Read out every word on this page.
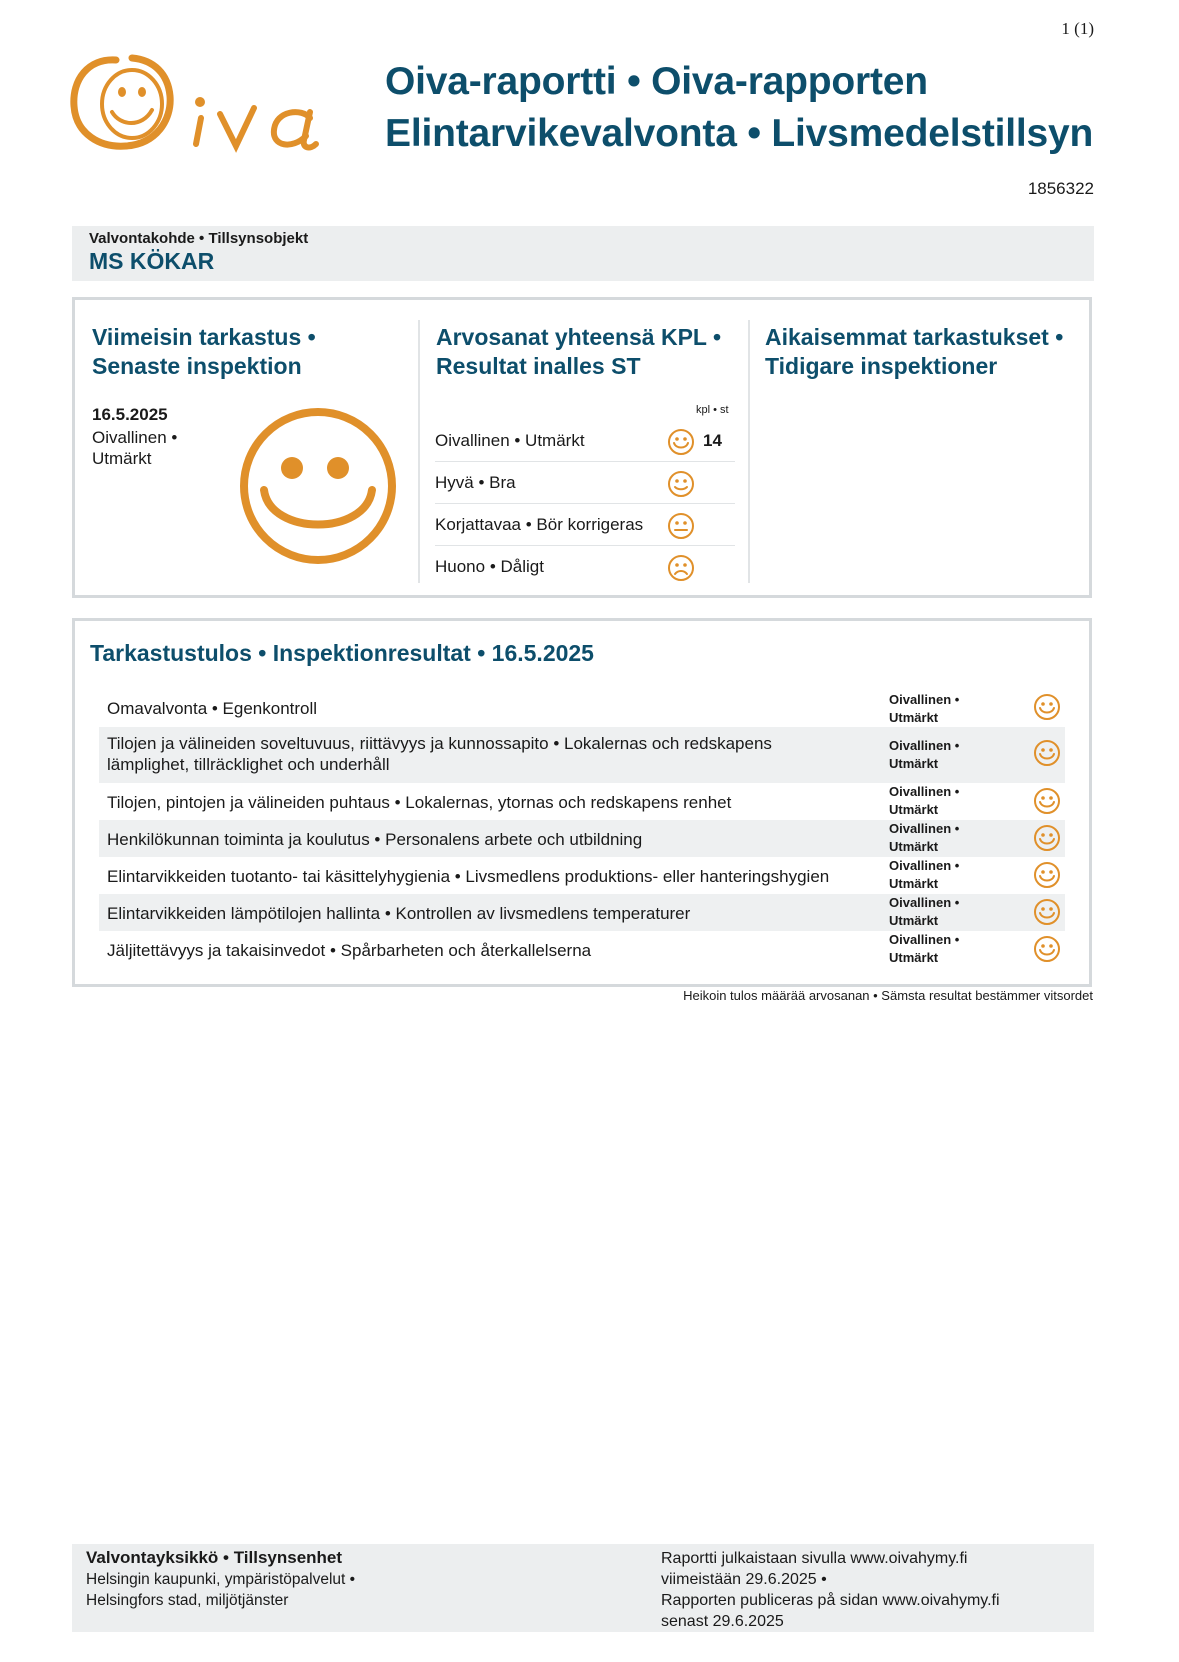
1 (1)
Oiva-raportti • Oiva-rapporten
Elintarvikevalvonta • Livsmedelstillsyn
1856322
Valvontakohde • Tillsynsobjekt
MS KÖKAR
Viimeisin tarkastus •
Senaste inspektion
16.5.2025
Oivallinen •
Utmärkt
Arvosanat yhteensä KPL •
Resultat inalles ST
kpl • st
Oivallinen • Utmärkt	14
Hyvä • Bra
Korjattavaa • Bör korrigeras
Huono • Dåligt
Aikaisemmat tarkastukset •
Tidigare inspektioner
Tarkastustulos • Inspektionresultat • 16.5.2025
Omavalvonta • Egenkontroll	Oivallinen •
Utmärkt
Tilojen ja välineiden soveltuvuus, riittävyys ja kunnossapito • Lokalernas och redskapens lämplighet, tillräcklighet och underhåll
Oivallinen •
Utmärkt
Tilojen, pintojen ja välineiden puhtaus • Lokalernas, ytornas och redskapens renhet
Oivallinen •
Utmärkt
Henkilökunnan toiminta ja koulutus • Personalens arbete och utbildning
Oivallinen •
Utmärkt
Elintarvikkeiden tuotanto- tai käsittelyhygienia • Livsmedlens produktions- eller hanteringshygien
Oivallinen •
Utmärkt
Elintarvikkeiden lämpötilojen hallinta • Kontrollen av livsmedlens temperaturer
Oivallinen •
Utmärkt
Jäljitettävyys ja takaisinvedot • Spårbarheten och återkallelserna
Oivallinen •
Utmärkt
Heikoin tulos määrää arvosanan • Sämsta resultat bestämmer vitsordet
Valvontayksikkö • Tillsynsenhet
Helsingin kaupunki, ympäristöpalvelut •
Helsingfors stad, miljötjänster
Raportti julkaistaan sivulla www.oivahymy.fi
viimeistään 29.6.2025 •
Rapporten publiceras på sidan www.oivahymy.fi
senast 29.6.2025
